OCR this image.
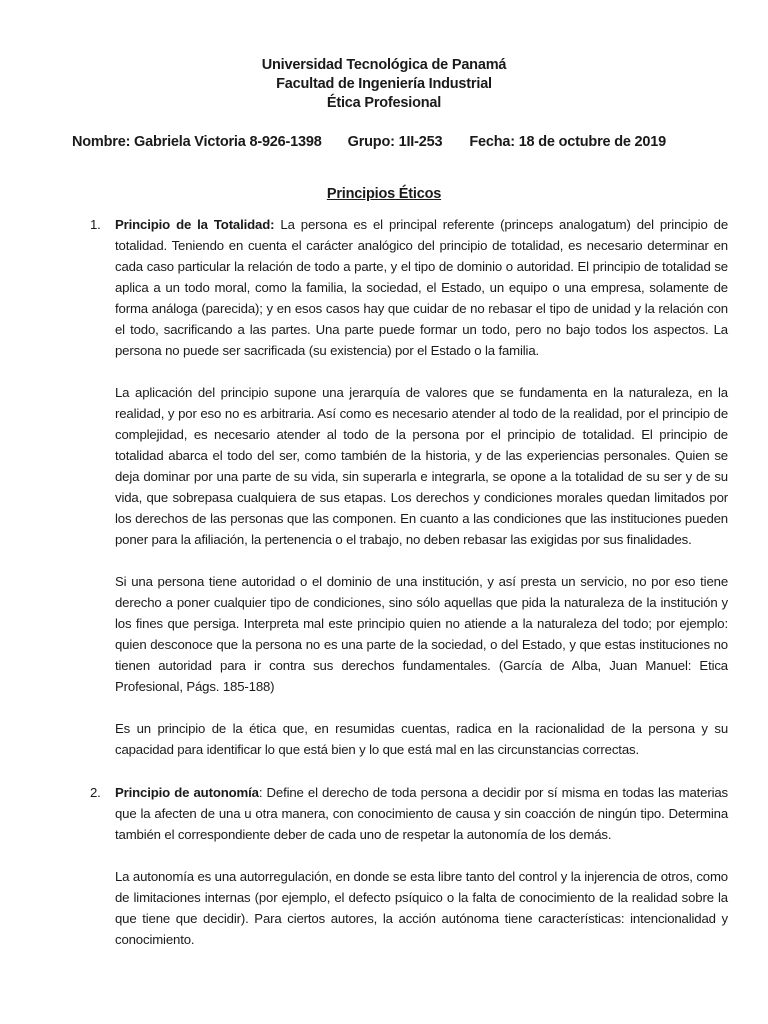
Universidad Tecnológica de Panamá
Facultad de Ingeniería Industrial
Ética Profesional
Nombre: Gabriela Victoria 8-926-1398 Grupo: 1II-253 Fecha: 18 de octubre de 2019
Principios Éticos
1. Principio de la Totalidad: La persona es el principal referente (princeps analogatum) del principio de totalidad. Teniendo en cuenta el carácter analógico del principio de totalidad, es necesario determinar en cada caso particular la relación de todo a parte, y el tipo de dominio o autoridad. El principio de totalidad se aplica a un todo moral, como la familia, la sociedad, el Estado, un equipo o una empresa, solamente de forma análoga (parecida); y en esos casos hay que cuidar de no rebasar el tipo de unidad y la relación con el todo, sacrificando a las partes. Una parte puede formar un todo, pero no bajo todos los aspectos. La persona no puede ser sacrificada (su existencia) por el Estado o la familia.

La aplicación del principio supone una jerarquía de valores que se fundamenta en la naturaleza, en la realidad, y por eso no es arbitraria. Así como es necesario atender al todo de la realidad, por el principio de complejidad, es necesario atender al todo de la persona por el principio de totalidad. El principio de totalidad abarca el todo del ser, como también de la historia, y de las experiencias personales. Quien se deja dominar por una parte de su vida, sin superarla e integrarla, se opone a la totalidad de su ser y de su vida, que sobrepasa cualquiera de sus etapas. Los derechos y condiciones morales quedan limitados por los derechos de las personas que las componen. En cuanto a las condiciones que las instituciones pueden poner para la afiliación, la pertenencia o el trabajo, no deben rebasar las exigidas por sus finalidades.

Si una persona tiene autoridad o el dominio de una institución, y así presta un servicio, no por eso tiene derecho a poner cualquier tipo de condiciones, sino sólo aquellas que pida la naturaleza de la institución y los fines que persiga. Interpreta mal este principio quien no atiende a la naturaleza del todo; por ejemplo: quien desconoce que la persona no es una parte de la sociedad, o del Estado, y que estas instituciones no tienen autoridad para ir contra sus derechos fundamentales. (García de Alba, Juan Manuel: Etica Profesional, Págs. 185-188)

Es un principio de la ética que, en resumidas cuentas, radica en la racionalidad de la persona y su capacidad para identificar lo que está bien y lo que está mal en las circunstancias correctas.

2. Principio de autonomía: Define el derecho de toda persona a decidir por sí misma en todas las materias que la afecten de una u otra manera, con conocimiento de causa y sin coacción de ningún tipo. Determina también el correspondiente deber de cada uno de respetar la autonomía de los demás.

La autonomía es una autorregulación, en donde se esta libre tanto del control y la injerencia de otros, como de limitaciones internas (por ejemplo, el defecto psíquico o la falta de conocimiento de la realidad sobre la que tiene que decidir). Para ciertos autores, la acción autónoma tiene características: intencionalidad y conocimiento.
